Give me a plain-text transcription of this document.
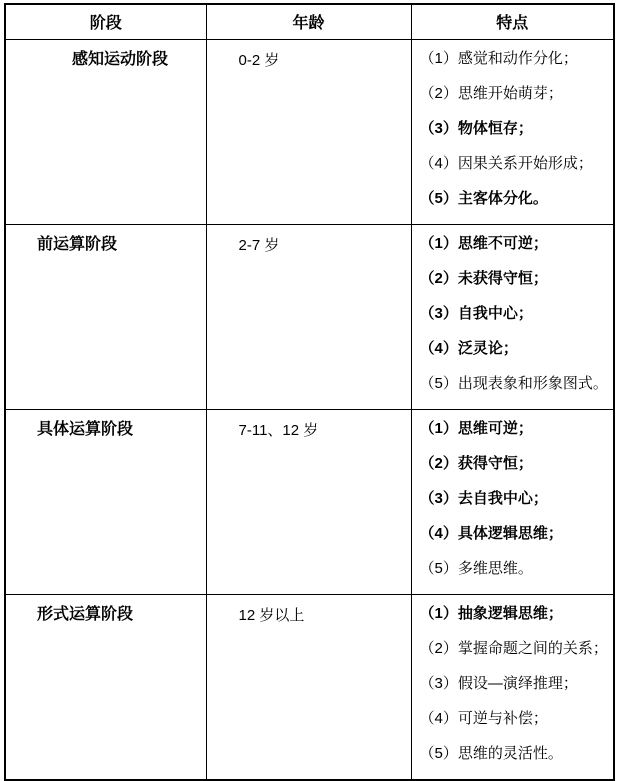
阶段	年龄	特点
感知运动阶段	0-2 岁	（1）感觉和动作分化；

（2）思维开始萌芽；

（3）物体恒存；

（4）因果关系开始形成；

（5）主客体分化。

前运算阶段	2-7 岁	（1）思维不可逆；

（2）未获得守恒；

（3）自我中心；

（4）泛灵论；

（5）出现表象和形象图式。

具体运算阶段	7-11、12 岁	（1）思维可逆；

（2）获得守恒；

（3）去自我中心；

（4）具体逻辑思维；

（5）多维思维。

形式运算阶段	12 岁以上	（1）抽象逻辑思维；

（2）掌握命题之间的关系；

（3）假设—演绎推理；

（4）可逆与补偿；

（5）思维的灵活性。
